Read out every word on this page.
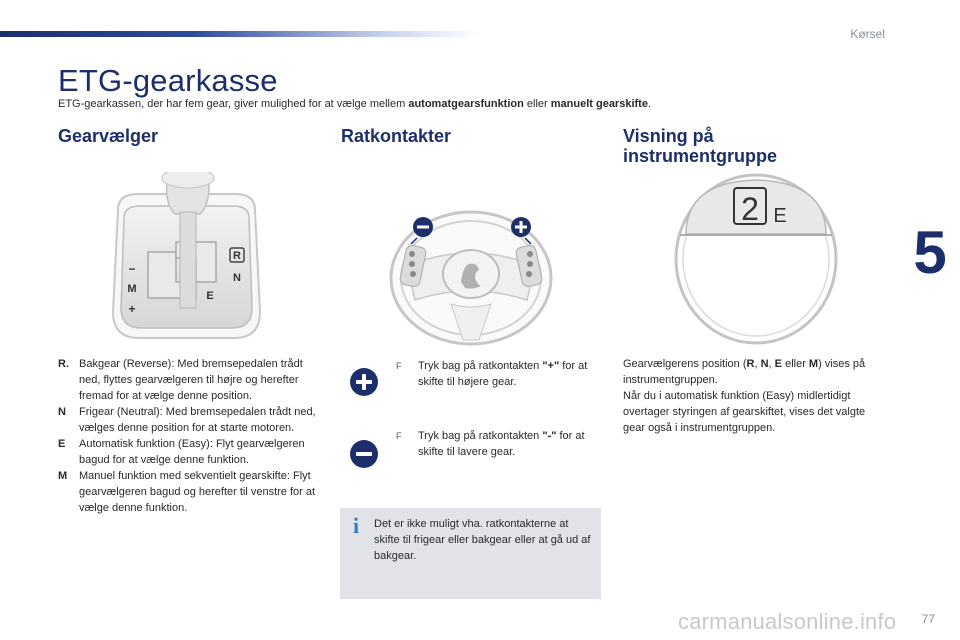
Kørsel
5
ETG-gearkasse

ETG-gearkassen, der har fem gear, giver mulighed for at vælge mellem automatgearsfunktion eller manuelt gearskifte.

Gearvælger
R
N
E
M
+
−
R. Bakgear (Reverse): Med bremsepedalen trådt ned, flyttes gearvælgeren til højre og herefter fremad for at vælge denne position.
N	Frigear (Neutral): Med bremsepedalen trådt ned, vælges denne position for at starte motoren.
E	Automatisk funktion (Easy): Flyt gearvælgeren bagud for at vælge denne funktion.
M	Manuel funktion med sekventielt gearskifte: Flyt gearvælgeren bagud og herefter til venstre for at vælge denne funktion.
Ratkontakter
F Tryk bag på ratkontakten "+" for at skifte til højere gear.
F Tryk bag på ratkontakten "-" for at skifte til lavere gear.
i Det er ikke muligt vha. ratkontakterne at skifte til frigear eller bakgear eller at gå ud af bakgear.
Visning på
instrumentgruppe
2 E

Gearvælgerens position (R, N, E eller M) vises på instrumentgruppen.

Når du i automatisk funktion (Easy) midlertidigt overtager styringen af gearskiftet, vises det valgte gear også i instrumentgruppen.

carmanualsonline.info 77
